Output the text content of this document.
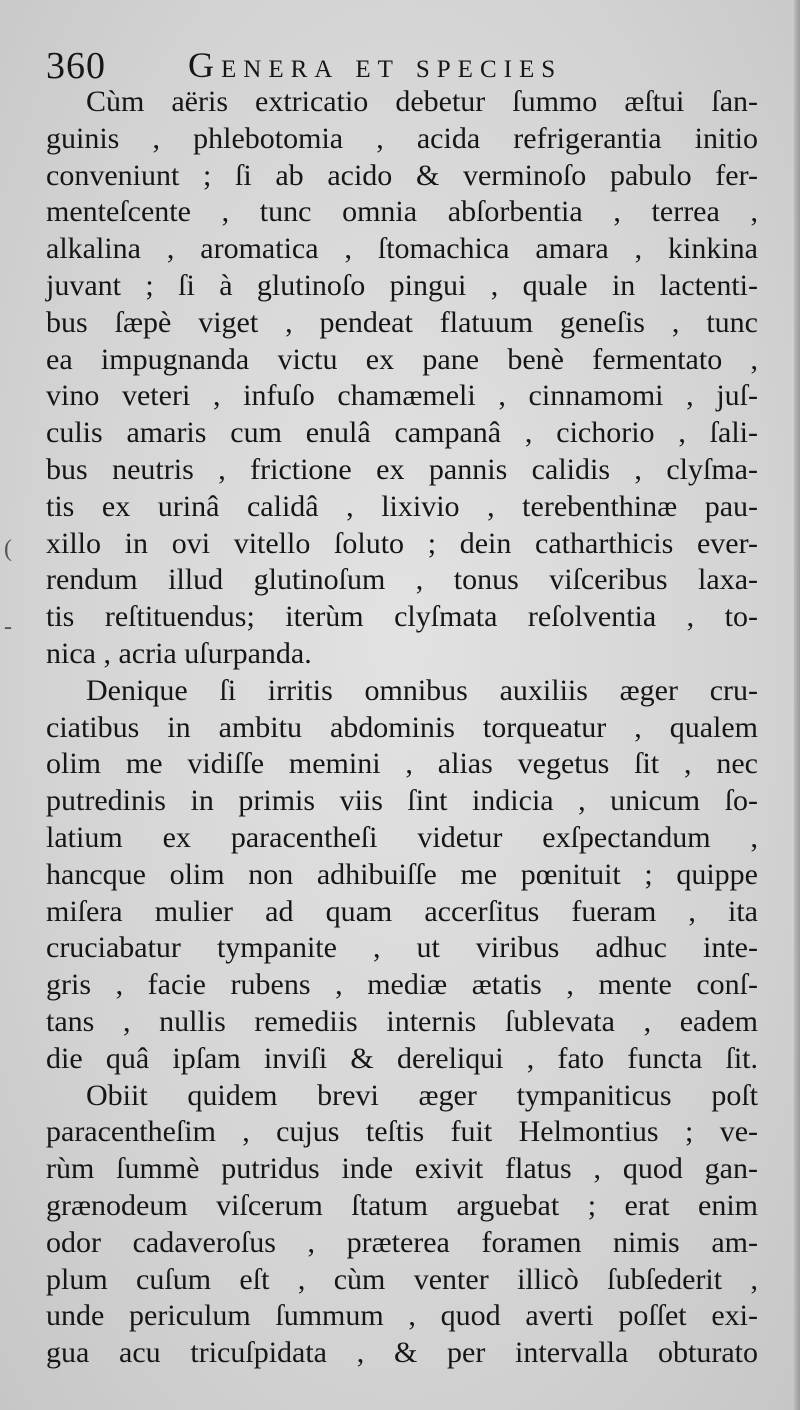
(
-
360 Genera et species
Cùm aëris extricatio debetur ſummo æſtui ſan-
guinis , phlebotomia , acida refrigerantia initio
conveniunt ; ſi ab acido & verminoſo pabulo fer-
menteſcente , tunc omnia abſorbentia , terrea ,
alkalina , aromatica , ſtomachica amara , kinkina
juvant ; ſi à glutinoſo pingui , quale in lactenti-
bus ſæpè viget , pendeat flatuum geneſis , tunc
ea impugnanda victu ex pane benè fermentato ,
vino veteri , infuſo chamæmeli , cinnamomi , juſ-
culis amaris cum enulâ campanâ , cichorio , ſali-
bus neutris , frictione ex pannis calidis , clyſma-
tis ex urinâ calidâ , lixivio , terebenthinæ pau-
xillo in ovi vitello ſoluto ; dein catharthicis ever-
rendum illud glutinoſum , tonus viſceribus laxa-
tis reſtituendus; iterùm clyſmata reſolventia , to-
nica , acria uſurpanda.
Denique ſi irritis omnibus auxiliis æger cru-
ciatibus in ambitu abdominis torqueatur , qualem
olim me vidiſſe memini , alias vegetus ſit , nec
putredinis in primis viis ſint indicia , unicum ſo-
latium ex paracentheſi videtur exſpectandum ,
hancque olim non adhibuiſſe me pœnituit ; quippe
miſera mulier ad quam accerſitus fueram , ita
cruciabatur tympanite , ut viribus adhuc inte-
gris , facie rubens , mediæ ætatis , mente conſ-
tans , nullis remediis internis ſublevata , eadem
die quâ ipſam inviſi & dereliqui , fato functa ſit.
Obiit quidem brevi æger tympaniticus poſt
paracentheſim , cujus teſtis fuit Helmontius ; ve-
rùm ſummè putridus inde exivit flatus , quod gan-
grænodeum viſcerum ſtatum arguebat ; erat enim
odor cadaveroſus , præterea foramen nimis am-
plum cuſum eſt , cùm venter illicò ſubſederit ,
unde periculum ſummum , quod averti poſſet exi-
gua acu tricuſpidata , & per intervalla obturato
